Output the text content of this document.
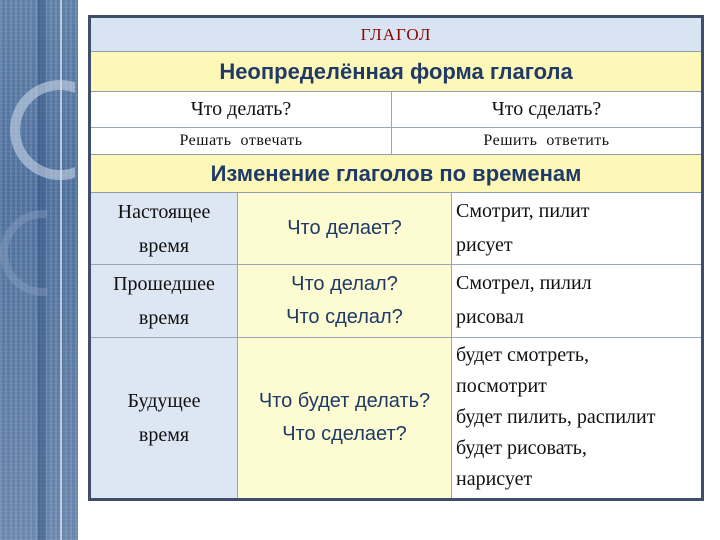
ГЛАГОЛ
Неопределённая форма глагола
Что делать?	Что сделать?
Решать  отвечать	Решить  ответить
Изменение глаголов по временам
Настоящее
время
Что делает?
Смотрит, пилит
рисует
Прошедшее
время
Что делал?
Что сделал?
Смотрел, пилил
рисовал
Будущее
время
Что будет делать?
Что сделает?
будет смотреть,
посмотрит
будет пилить, распилит
будет рисовать,
нарисует
